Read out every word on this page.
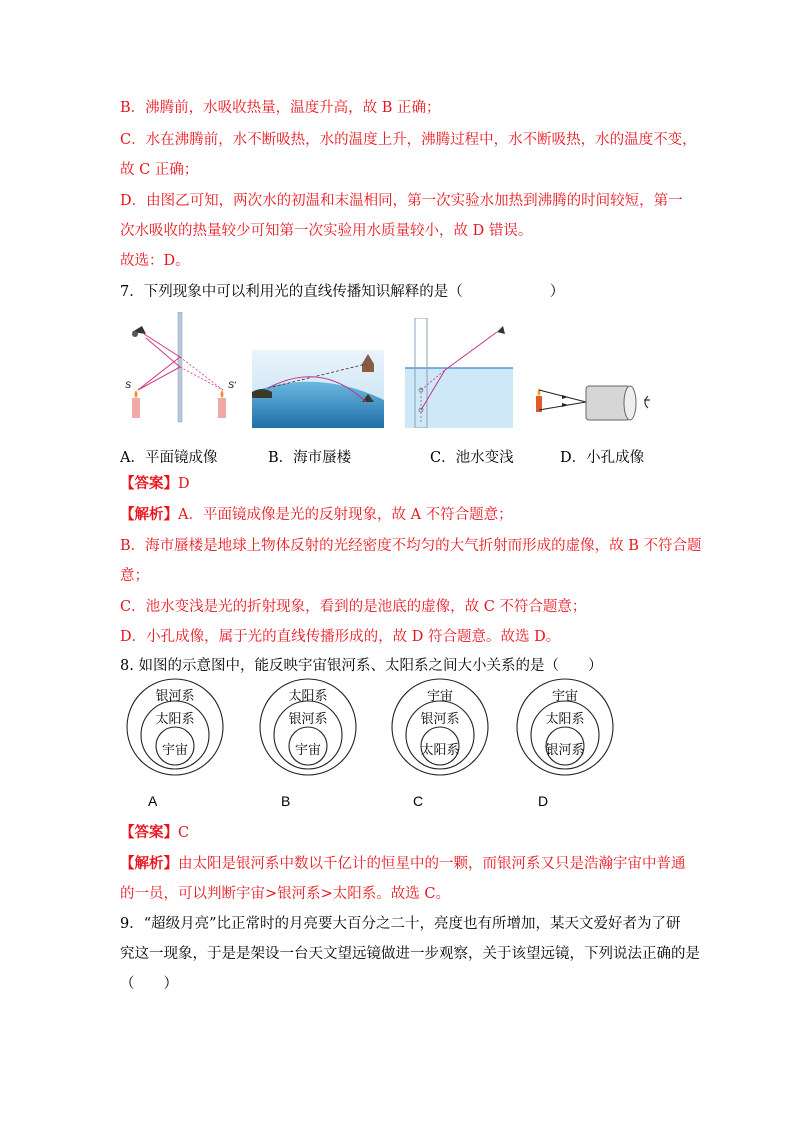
B．沸腾前，水吸收热量，温度升高，故 B 正确；
C．水在沸腾前，水不断吸热，水的温度上升，沸腾过程中，水不断吸热，水的温度不变，
故 C 正确；
D．由图乙可知，两次水的初温和末温相同，第一次实验水加热到沸腾的时间较短，第一
次水吸收的热量较少可知第一次实验用水质量较小，故 D 错误。
故选：D。
7．下列现象中可以利用光的直线传播知识解释的是（　　　　　　）
S	S′
A．平面镜成像	B．海市蜃楼	C．池水变浅	D．小孔成像
【答案】D
【解析】A．平面镜成像是光的反射现象，故 A 不符合题意；
B．海市蜃楼是地球上物体反射的光经密度不均匀的大气折射而形成的虚像，故 B 不符合题
意；
C．池水变浅是光的折射现象，看到的是池底的虚像，故 C 不符合题意；
D．小孔成像，属于光的直线传播形成的，故 D 符合题意。故选 D。
8. 如图的示意图中，能反映宇宙银河系、太阳系之间大小关系的是（　　）
银河系
太阳系
宇宙
A
太阳系
银河系
宇宙
B
宇宙
银河系
太阳系
C
宇宙
太阳系
银河系
D
【答案】C
【解析】由太阳是银河系中数以千亿计的恒星中的一颗，而银河系又只是浩瀚宇宙中普通
的一员，可以判断宇宙>银河系>太阳系。故选 C。
9．“超级月亮”比正常时的月亮要大百分之二十，亮度也有所增加，某天文爱好者为了研
究这一现象，于是是架设一台天文望远镜做进一步观察，关于该望远镜，下列说法正确的是
（　　）
